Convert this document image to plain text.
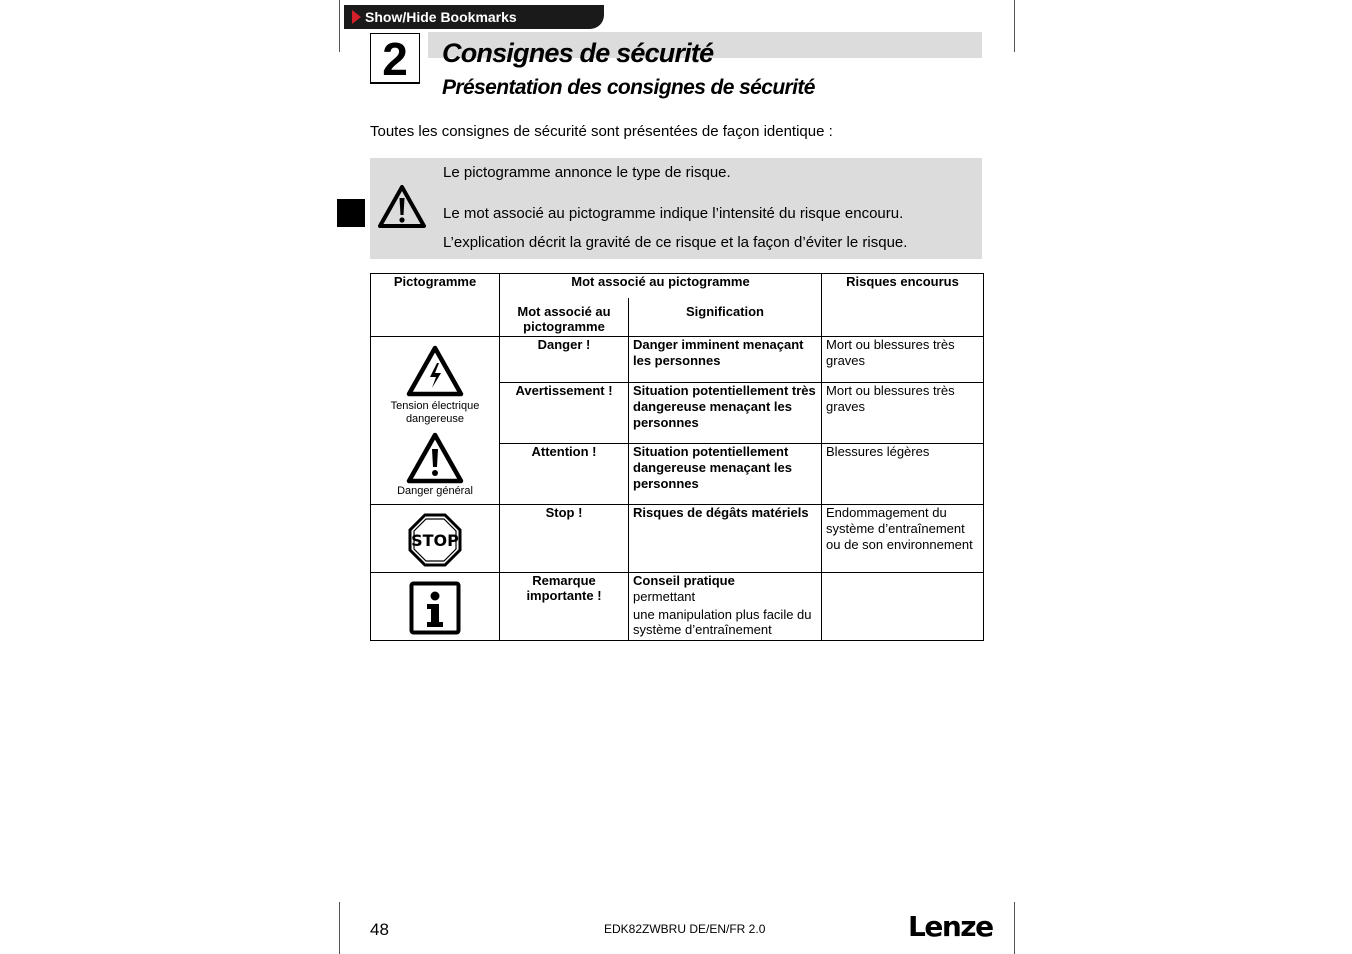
Show/Hide Bookmarks
2	Consignes de sécurité
Présentation des consignes de sécurité
Toutes les consignes de sécurité sont présentées de façon identique :
Le pictogramme annonce le type de risque.
Le mot associé au pictogramme indique l’intensité du risque encouru.
L’explication décrit la gravité de ce risque et la façon d’éviter le risque.
Pictogramme	Mot associé au pictogramme		Risques encourus
	Mot associé au pictogramme	Signification	

Tension électrique dangereuse	Danger !	Danger imminent menaçant les personnes	Mort ou blessures très graves
	Avertissement !	Situation potentiellement très dangereuse menaçant les personnes	Mort ou blessures très graves

Danger général	Attention !	Situation potentiellement dangereuse menaçant les personnes	Blessures légères

STOP	Stop !	Risques de dégâts matériels	Endommagement du système d’entraînement ou de son environnement

	Remarque importante !	Conseil pratique
permettant
une manipulation plus facile du système d’entraînement	

48	EDK82ZWBRU DE/EN/FR 2.0	Lenze
